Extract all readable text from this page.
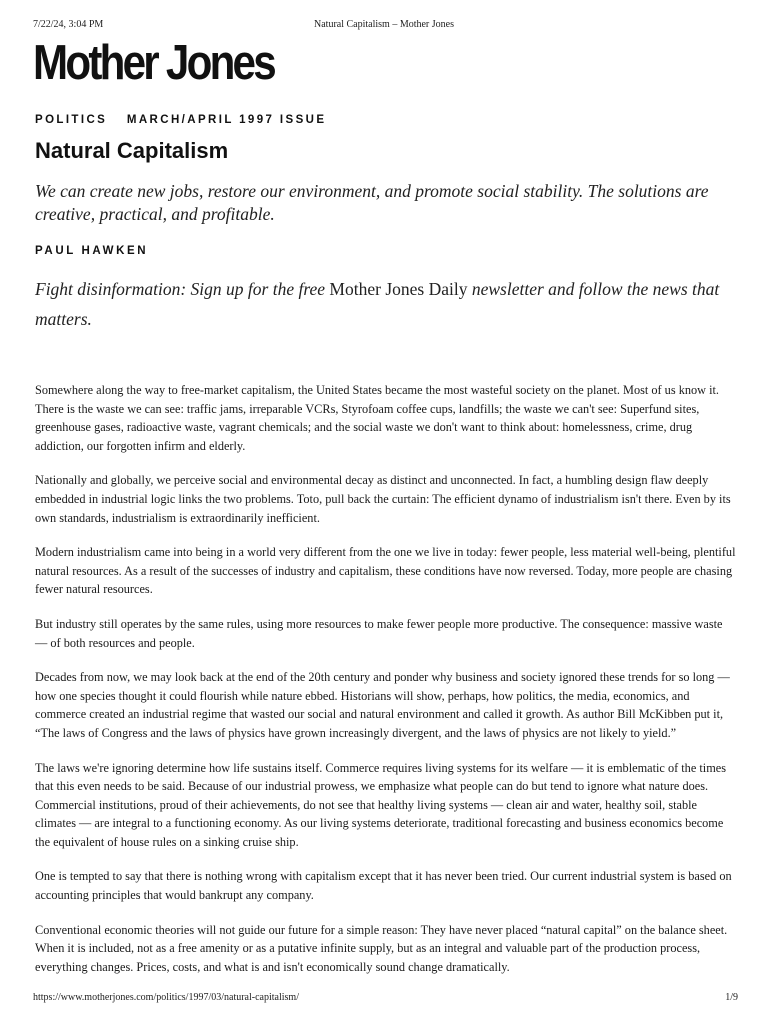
7/22/24, 3:04 PM	Natural Capitalism – Mother Jones
Mother Jones
POLITICS MARCH/APRIL 1997 ISSUE
Natural Capitalism

We can create new jobs, restore our environment, and promote social stability. The solutions are creative, practical, and profitable.

PAUL HAWKEN

Fight disinformation: Sign up for the free Mother Jones Daily newsletter and follow the news that matters.

Somewhere along the way to free-market capitalism, the United States became the most wasteful society on the planet. Most of us know it. There is the waste we can see: traffic jams, irreparable VCRs, Styrofoam coffee cups, landfills; the waste we can't see: Superfund sites, greenhouse gases, radioactive waste, vagrant chemicals; and the social waste we don't want to think about: homelessness, crime, drug addiction, our forgotten infirm and elderly.

Nationally and globally, we perceive social and environmental decay as distinct and unconnected. In fact, a humbling design flaw deeply embedded in industrial logic links the two problems. Toto, pull back the curtain: The efficient dynamo of industrialism isn't there. Even by its own standards, industrialism is extraordinarily inefficient.

Modern industrialism came into being in a world very different from the one we live in today: fewer people, less material well-being, plentiful natural resources. As a result of the successes of industry and capitalism, these conditions have now reversed. Today, more people are chasing fewer natural resources.

But industry still operates by the same rules, using more resources to make fewer people more productive. The consequence: massive waste — of both resources and people.

Decades from now, we may look back at the end of the 20th century and ponder why business and society ignored these trends for so long — how one species thought it could flourish while nature ebbed. Historians will show, perhaps, how politics, the media, economics, and commerce created an industrial regime that wasted our social and natural environment and called it growth. As author Bill McKibben put it, “The laws of Congress and the laws of physics have grown increasingly divergent, and the laws of physics are not likely to yield.”

The laws we're ignoring determine how life sustains itself. Commerce requires living systems for its welfare — it is emblematic of the times that this even needs to be said. Because of our industrial prowess, we emphasize what people can do but tend to ignore what nature does. Commercial institutions, proud of their achievements, do not see that healthy living systems — clean air and water, healthy soil, stable climates — are integral to a functioning economy. As our living systems deteriorate, traditional forecasting and business economics become the equivalent of house rules on a sinking cruise ship.

One is tempted to say that there is nothing wrong with capitalism except that it has never been tried. Our current industrial system is based on accounting principles that would bankrupt any company.

Conventional economic theories will not guide our future for a simple reason: They have never placed “natural capital” on the balance sheet. When it is included, not as a free amenity or as a putative infinite supply, but as an integral and valuable part of the production process, everything changes. Prices, costs, and what is and isn't economically sound change dramatically.

https://www.motherjones.com/politics/1997/03/natural-capitalism/	1/9
